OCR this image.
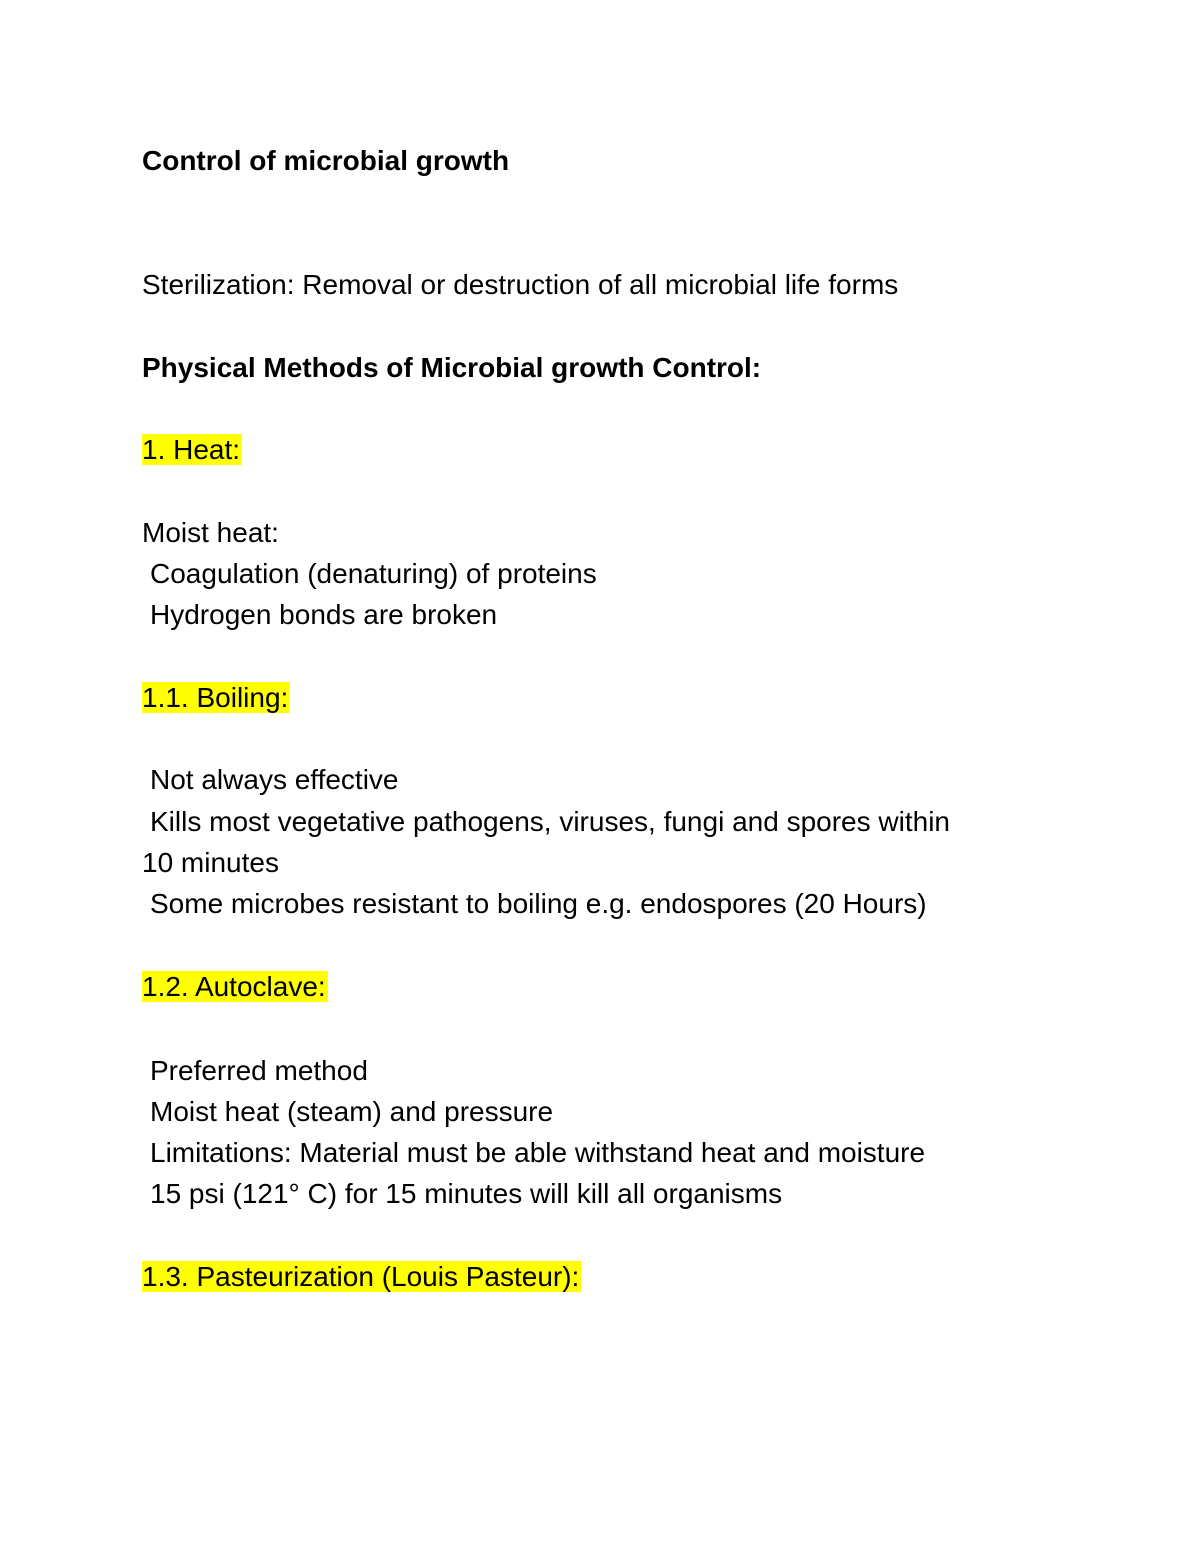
Control of microbial growth
Sterilization: Removal or destruction of all microbial life forms
Physical Methods of Microbial growth Control:
1. Heat:
Moist heat:
Coagulation (denaturing) of proteins
Hydrogen bonds are broken
1.1. Boiling:
Not always effective
Kills most vegetative pathogens, viruses, fungi and spores within
10 minutes
Some microbes resistant to boiling e.g. endospores (20 Hours)
1.2. Autoclave:
Preferred method
Moist heat (steam) and pressure
Limitations: Material must be able withstand heat and moisture
15 psi (121° C) for 15 minutes will kill all organisms
1.3. Pasteurization (Louis Pasteur):
